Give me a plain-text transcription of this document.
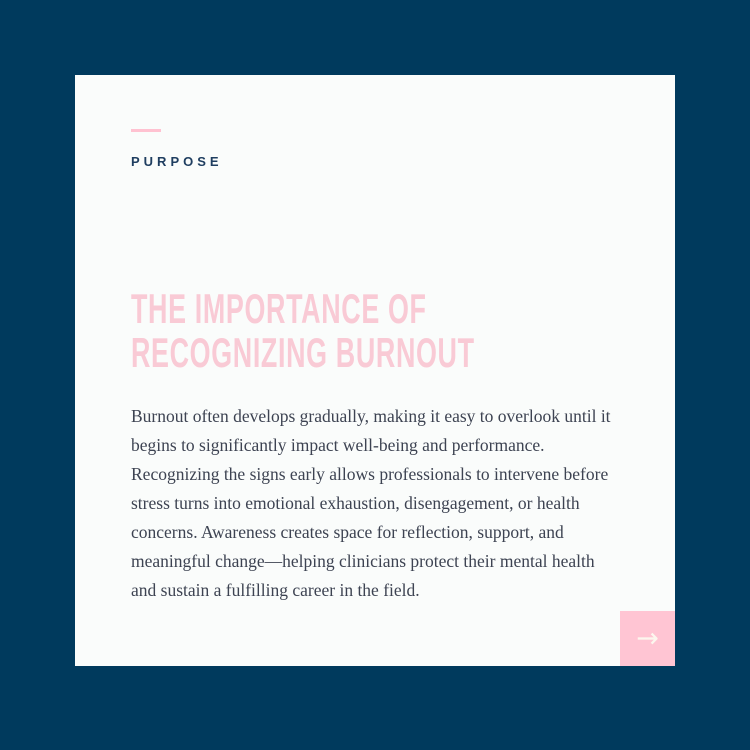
PURPOSE
THE IMPORTANCE OF
RECOGNIZING BURNOUT
Burnout often develops gradually, making it easy to overlook until it
begins to significantly impact well-being and performance.
Recognizing the signs early allows professionals to intervene before
stress turns into emotional exhaustion, disengagement, or health
concerns. Awareness creates space for reflection, support, and
meaningful change—helping clinicians protect their mental health
and sustain a fulfilling career in the field.
→
